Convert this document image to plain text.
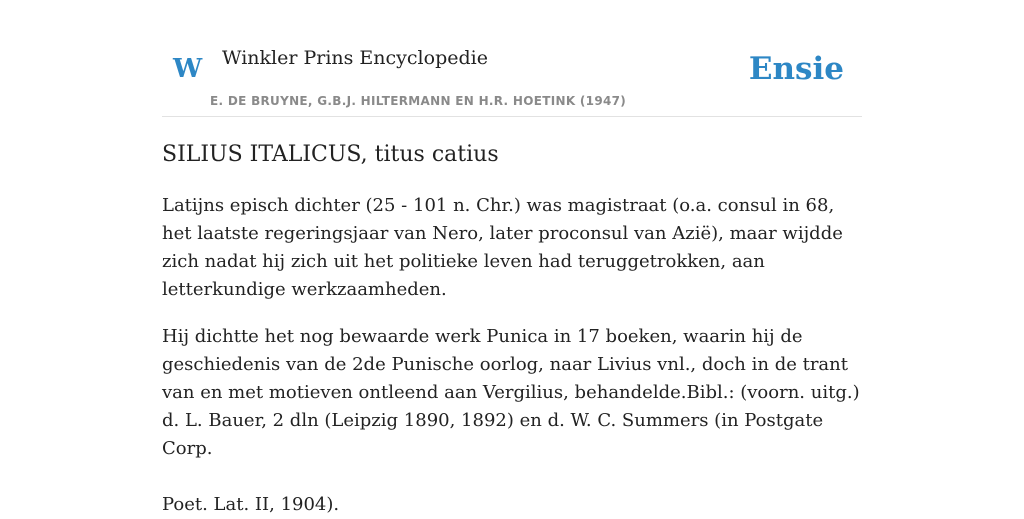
W Winkler Prins Encyclopedie
E. DE BRUYNE, G.B.J. HILTERMANN EN H.R. HOETINK (1947)
Ensie
SILIUS ITALICUS, titus catius

Latijns episch dichter (25 - 101 n. Chr.) was magistraat (o.a. consul in 68, het laatste regeringsjaar van Nero, later proconsul van Azië), maar wijdde zich nadat hij zich uit het politieke leven had teruggetrokken, aan letterkundige werkzaamheden.

Hij dichtte het nog bewaarde werk Punica in 17 boeken, waarin hij de geschiedenis van de 2de Punische oorlog, naar Livius vnl., doch in de trant van en met motieven ontleend aan Vergilius, behandelde.Bibl.: (voorn. uitg.) d. L. Bauer, 2 dln (Leipzig 1890, 1892) en d. W. C. Summers (in Postgate Corp.

Poet. Lat. II, 1904).
